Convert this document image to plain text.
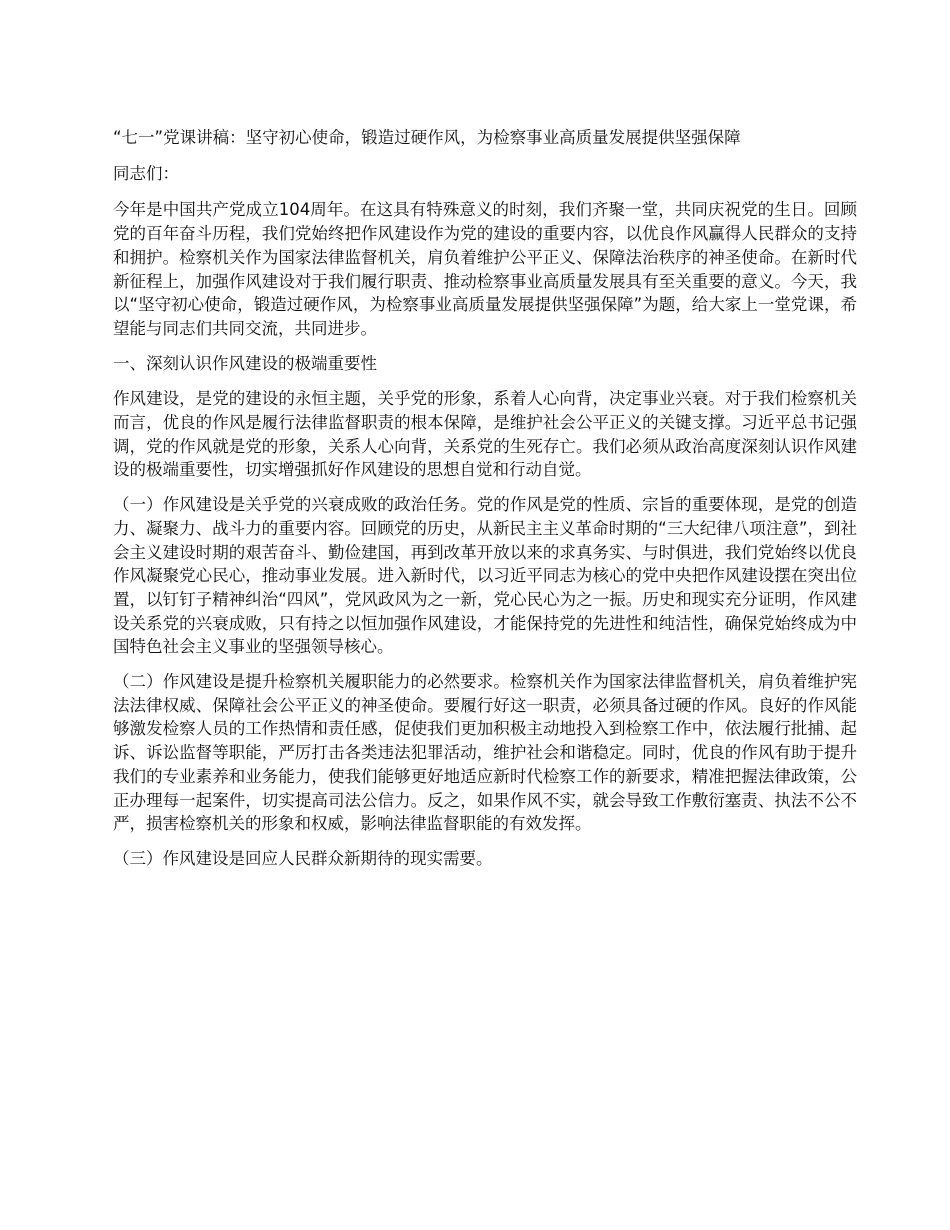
“七一”党课讲稿：坚守初心使命，锻造过硬作风，为检察事业高质量发展提供坚强保障

同志们：

今年是中国共产党成立104周年。在这具有特殊意义的时刻，我们齐聚一堂，共同庆祝党的生日。回顾党的百年奋斗历程，我们党始终把作风建设作为党的建设的重要内容，以优良作风赢得人民群众的支持和拥护。检察机关作为国家法律监督机关，肩负着维护公平正义、保障法治秩序的神圣使命。在新时代新征程上，加强作风建设对于我们履行职责、推动检察事业高质量发展具有至关重要的意义。今天，我以“坚守初心使命，锻造过硬作风，为检察事业高质量发展提供坚强保障”为题，给大家上一堂党课，希望能与同志们共同交流，共同进步。

一、深刻认识作风建设的极端重要性

作风建设，是党的建设的永恒主题，关乎党的形象，系着人心向背，决定事业兴衰。对于我们检察机关而言，优良的作风是履行法律监督职责的根本保障，是维护社会公平正义的关键支撑。习近平总书记强调，党的作风就是党的形象，关系人心向背，关系党的生死存亡。我们必须从政治高度深刻认识作风建设的极端重要性，切实增强抓好作风建设的思想自觉和行动自觉。

（一）作风建设是关乎党的兴衰成败的政治任务。党的作风是党的性质、宗旨的重要体现，是党的创造力、凝聚力、战斗力的重要内容。回顾党的历史，从新民主主义革命时期的“三大纪律八项注意”，到社会主义建设时期的艰苦奋斗、勤俭建国，再到改革开放以来的求真务实、与时俱进，我们党始终以优良作风凝聚党心民心，推动事业发展。进入新时代，以习近平同志为核心的党中央把作风建设摆在突出位置，以钉钉子精神纠治“四风”，党风政风为之一新，党心民心为之一振。历史和现实充分证明，作风建设关系党的兴衰成败，只有持之以恒加强作风建设，才能保持党的先进性和纯洁性，确保党始终成为中国特色社会主义事业的坚强领导核心。

（二）作风建设是提升检察机关履职能力的必然要求。检察机关作为国家法律监督机关，肩负着维护宪法法律权威、保障社会公平正义的神圣使命。要履行好这一职责，必须具备过硬的作风。良好的作风能够激发检察人员的工作热情和责任感，促使我们更加积极主动地投入到检察工作中，依法履行批捕、起诉、诉讼监督等职能，严厉打击各类违法犯罪活动，维护社会和谐稳定。同时，优良的作风有助于提升我们的专业素养和业务能力，使我们能够更好地适应新时代检察工作的新要求，精准把握法律政策，公正办理每一起案件，切实提高司法公信力。反之，如果作风不实，就会导致工作敷衍塞责、执法不公不严，损害检察机关的形象和权威，影响法律监督职能的有效发挥。

（三）作风建设是回应人民群众新期待的现实需要。
